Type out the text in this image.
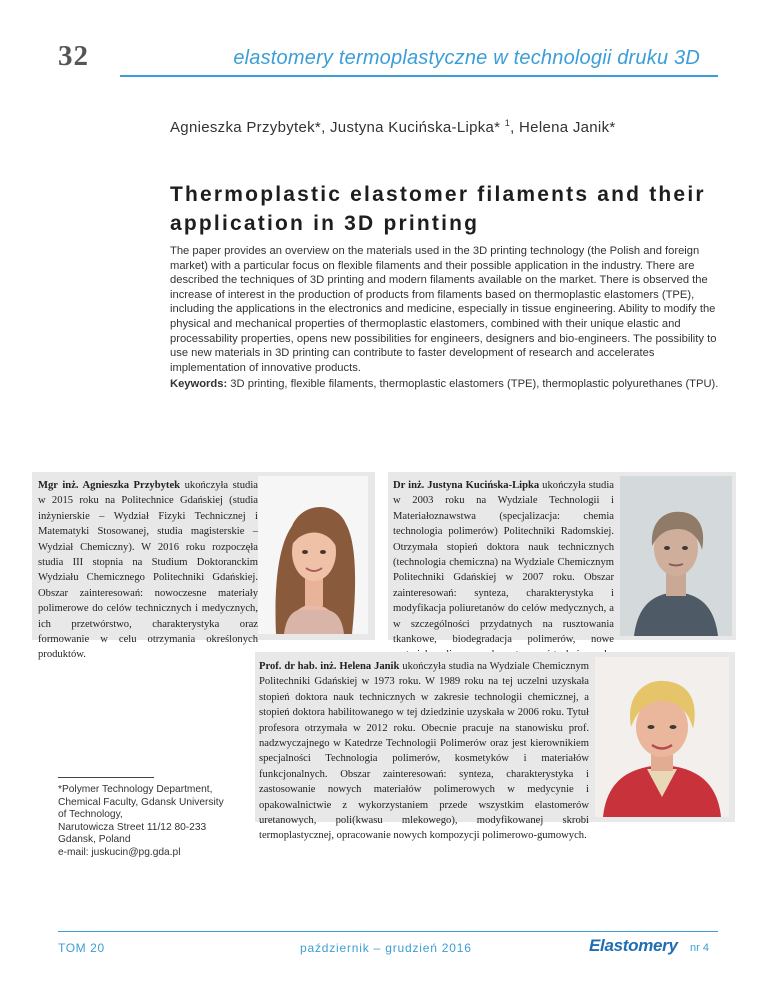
32	elastomery termoplastyczne w technologii druku 3D
Agnieszka Przybytek*, Justyna Kucińska-Lipka* $^1$, Helena Janik*
Thermoplastic elastomer filaments and their application in 3D printing
The paper provides an overview on the materials used in the 3D printing technology (the Polish and foreign market) with a particular focus on flexible filaments and their possible application in the industry. There are described the techniques of 3D printing and modern filaments available on the market. There is observed the increase of interest in the production of products from filaments based on thermoplastic elastomers (TPE), including the applications in the electronics and medicine, especially in tissue engineering. Ability to modify the physical and mechanical properties of thermoplastic elastomers, combined with their unique elastic and processability properties, opens new possibilities for engineers, designers and bio-engineers. The possibility to use new materials in 3D printing can contribute to faster development of research and accelerates implementation of innovative products.
Keywords: 3D printing, flexible filaments, thermoplastic elastomers (TPE), thermoplastic polyurethanes (TPU).
Mgr inż. Agnieszka Przybytek ukończyła studia w 2015 roku na Politechnice Gdańskiej (studia inżynierskie – Wydział Fizyki Technicznej i Matematyki Stosowanej, studia magisterskie – Wydział Chemiczny). W 2016 roku rozpoczęła studia III stopnia na Studium Doktoranckim Wydziału Chemicznego Politechniki Gdańskiej. Obszar zainteresowań: nowoczesne materiały polimerowe do celów technicznych i medycznych, ich przetwórstwo, charakterystyka oraz formowanie w celu otrzymania określonych produktów.
Dr inż. Justyna Kucińska-Lipka ukończyła studia w 2003 roku na Wydziale Technologii i Materiałoznawstwa (specjalizacja: chemia technologia polimerów) Politechniki Radomskiej. Otrzymała stopień doktora nauk technicznych (technologia chemiczna) na Wydziale Chemicznym Politechniki Gdańskiej w 2007 roku. Obszar zainteresowań: synteza, charakterystyka i modyfikacja poliuretanów do celów medycznych, a w szczególności przydatnych na rusztowania tkankowe, biodegradacja polimerów, nowe
Prof. dr hab. inż. Helena Janik ukończyła studia na Wydziale Chemicznym Politechniki Gdańskiej w 1973 roku. W 1989 roku na tej uczelni uzyskała stopień doktora nauk technicznych w zakresie technologii chemicznej, a stopień doktora habilitowanego w tej dziedzinie uzyskała w 2006 roku. Tytuł profesora otrzymała w 2012 roku. Obecnie pracuje na stanowisku prof. nadzwyczajnego w Katedrze Technologii Polimerów oraz jest kierownikiem specjalności Technologia polimerów, kosmetyków i materiałów funkcjonalnych. Obszar zainteresowań: synteza, charakterystyka i zastosowanie nowych materiałów polimerowych w medycynie i opakowalnictwie z wykorzystaniem przede wszystkim elastomerów uretanowych, poli(kwasu mlekowego), modyfikowanej skrobi termoplastycznej, opracowanie nowych kompozycji polimerowo-gumowych.
*Polymer Technology Department,
Chemical Faculty, Gdansk University
of Technology,
Narutowicza Street 11/12 80-233
Gdansk, Poland
e-mail: juskucin@pg.gda.pl
TOM 20	październik – grudzień 2016	Elastomery nr 4
